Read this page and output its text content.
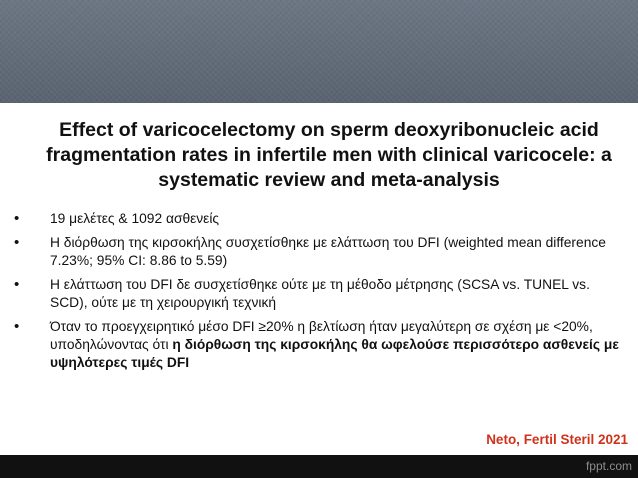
Effect of varicocelectomy on sperm deoxyribonucleic acid fragmentation rates in infertile men with clinical varicocele: a systematic review and meta-analysis
•	19 μελέτες & 1092 ασθενείς
•	Η διόρθωση της κιρσοκήλης συσχετίσθηκε με ελάττωση του DFI (weighted mean difference 7.23%; 95% CI: 8.86 to 5.59)
•	Η ελάττωση του DFI δε συσχετίσθηκε ούτε με τη μέθοδο μέτρησης (SCSA vs. TUNEL vs. SCD), ούτε με τη χειρουργική τεχνική
•	Όταν το προεγχειρητικό μέσο DFI ≥20% η βελτίωση ήταν μεγαλύτερη σε σχέση με <20%, υποδηλώνοντας ότι η διόρθωση της κιρσοκήλης θα ωφελούσε περισσότερο ασθενείς με υψηλότερες τιμές DFI
Neto, Fertil Steril 2021
fppt.com
